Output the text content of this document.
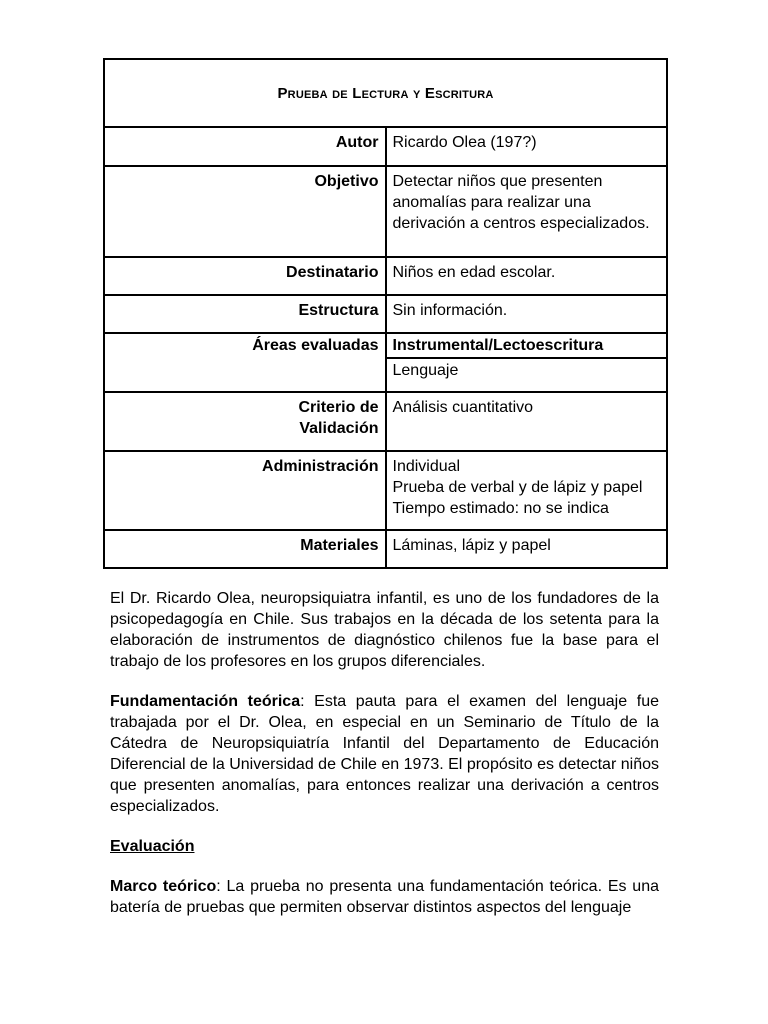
Prueba de Lectura y Escritura	
Autor	Ricardo Olea (197?)
Objetivo	Detectar niños que presenten anomalías para realizar una derivación a centros especializados.
Destinatario	Niños en edad escolar.
Estructura	Sin información.
Áreas evaluadas	Instrumental/Lectoescritura
	Lenguaje

Criterio de
Validación	Análisis cuantitativo
Administración	Individual
Prueba de verbal y de lápiz y papel
Tiempo estimado: no se indica

Materiales	Láminas, lápiz y papel

El Dr. Ricardo Olea, neuropsiquiatra infantil, es uno de los fundadores de la psicopedagogía en Chile. Sus trabajos en la década de los setenta para la elaboración de instrumentos de diagnóstico chilenos fue la base para el trabajo de los profesores en los grupos diferenciales.

Fundamentación teórica: Esta pauta para el examen del lenguaje fue trabajada por el Dr. Olea, en especial en un Seminario de Título de la Cátedra de Neuropsiquiatría Infantil del Departamento de Educación Diferencial de la Universidad de Chile en 1973. El propósito es detectar niños que presenten anomalías, para entonces realizar una derivación a centros especializados.

Evaluación

Marco teórico: La prueba no presenta una fundamentación teórica. Es una batería de pruebas que permiten observar distintos aspectos del lenguaje
